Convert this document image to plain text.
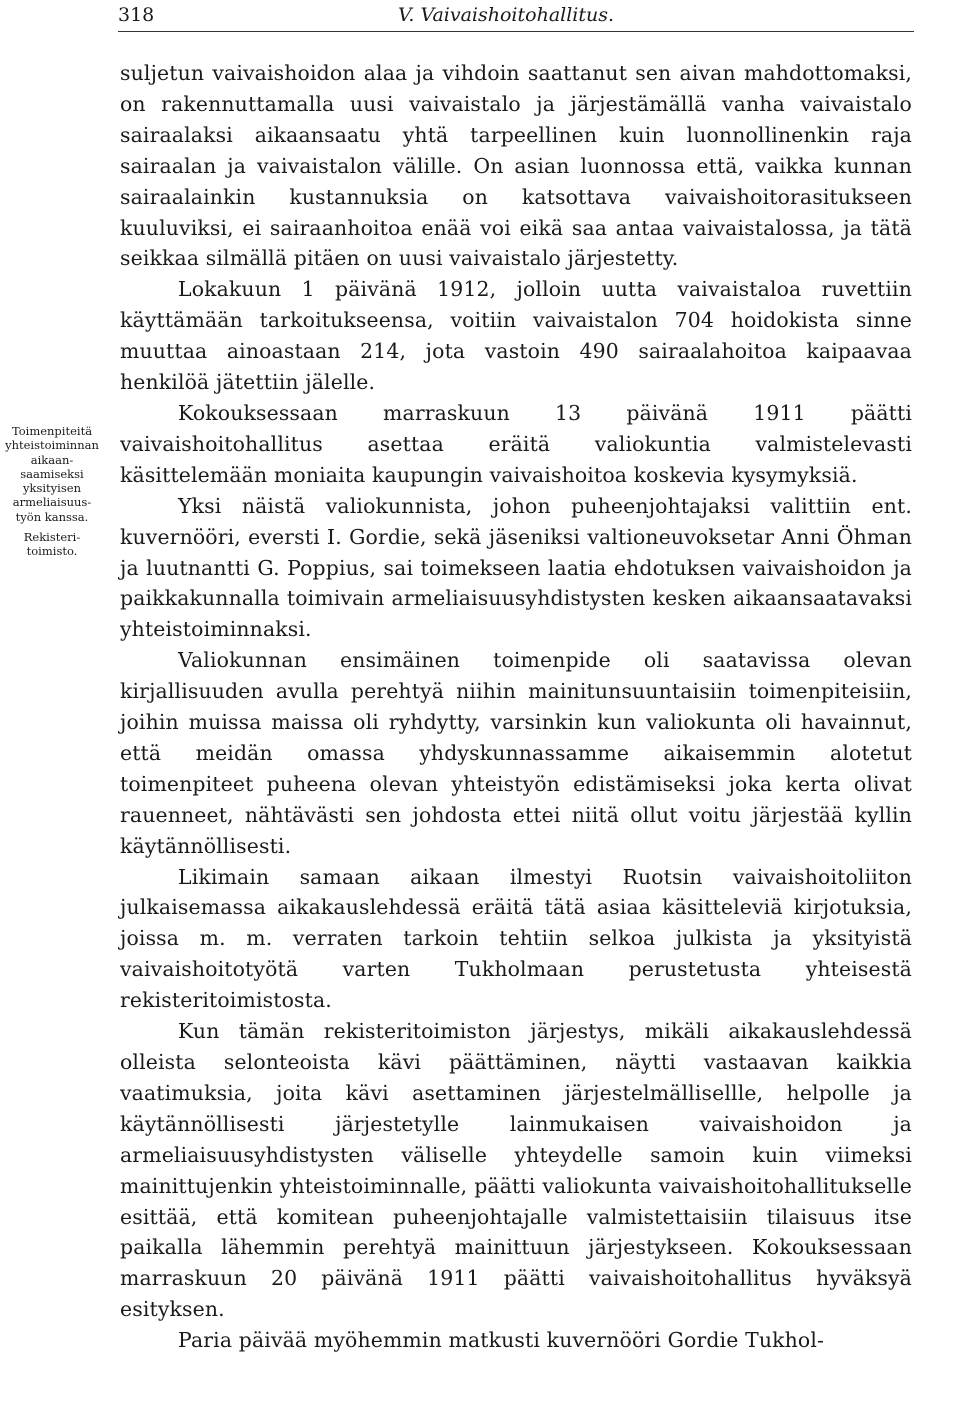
318	V. Vaivaishoitohallitus.
Toimenpiteitä yhteistoiminnan aikaansaamiseksi yksityisen armeliaisuustyön kanssa.
Rekisteritoimisto.

suljetun vaivaishoidon alaa ja vihdoin saattanut sen aivan mahdottomaksi, on rakennuttamalla uusi vaivaistalo ja järjestämällä vanha vaivaistalo sairaalaksi aikaansaatu yhtä tarpeellinen kuin luonnollinenkin raja sairaalan ja vaivaistalon välille. On asian luonnossa että, vaikka kunnan sairaalainkin kustannuksia on katsottava vaivaishoitorasitukseen kuuluviksi, ei sairaanhoitoa enää voi eikä saa antaa vaivaistalossa, ja tätä seikkaa silmällä pitäen on uusi vaivaistalo järjestetty.

Lokakuun 1 päivänä 1912, jolloin uutta vaivaistaloa ruvettiin käyttämään tarkoitukseensa, voitiin vaivaistalon 704 hoidokista sinne muuttaa ainoastaan 214, jota vastoin 490 sairaalahoitoa kaipaavaa henkilöä jätettiin jälelle.

Kokouksessaan marraskuun 13 päivänä 1911 päätti vaivaishoitohallitus asettaa eräitä valiokuntia valmistelevasti käsittelemään moniaita kaupungin vaivaishoitoa koskevia kysymyksiä.

Yksi näistä valiokunnista, johon puheenjohtajaksi valittiin ent. kuvernööri, eversti I. Gordie, sekä jäseniksi valtioneuvoksetar Anni Öhman ja luutnantti G. Poppius, sai toimekseen laatia ehdotuksen vaivaishoidon ja paikkakunnalla toimivain armeliaisuusyhdistysten kesken aikaansaatavaksi yhteistoiminnaksi.

Valiokunnan ensimäinen toimenpide oli saatavissa olevan kirjallisuuden avulla perehtyä niihin mainitunsuuntaisiin toimenpiteisiin, joihin muissa maissa oli ryhdytty, varsinkin kun valiokunta oli havainnut, että meidän omassa yhdyskunnassamme aikaisemmin alotetut toimenpiteet puheena olevan yhteistyön edistämiseksi joka kerta olivat rauenneet, nähtävästi sen johdosta ettei niitä ollut voitu järjestää kyllin käytännöllisesti.

Likimain samaan aikaan ilmestyi Ruotsin vaivaishoitoliiton julkaisemassa aikakauslehdessä eräitä tätä asiaa käsitteleviä kirjotuksia, joissa m. m. verraten tarkoin tehtiin selkoa julkista ja yksityistä vaivaishoitotyötä varten Tukholmaan perustetusta yhteisestä rekisteritoimistosta.

Kun tämän rekisteritoimiston järjestys, mikäli aikakauslehdessä olleista selonteoista kävi päättäminen, näytti vastaavan kaikkia vaatimuksia, joita kävi asettaminen järjestelmällisellle, helpolle ja käytännöllisesti järjestetylle lainmukaisen vaivaishoidon ja armeliaisuusyhdistysten väliselle yhteydelle samoin kuin viimeksi mainittujenkin yhteistoiminnalle, päätti valiokunta vaivaishoitohallitukselle esittää, että komitean puheenjohtajalle valmistettaisiin tilaisuus itse paikalla lähemmin perehtyä mainittuun järjestykseen. Kokouksessaan marraskuun 20 päivänä 1911 päätti vaivaishoitohallitus hyväksyä esityksen.

Paria päivää myöhemmin matkusti kuvernööri Gordie Tukhol-
